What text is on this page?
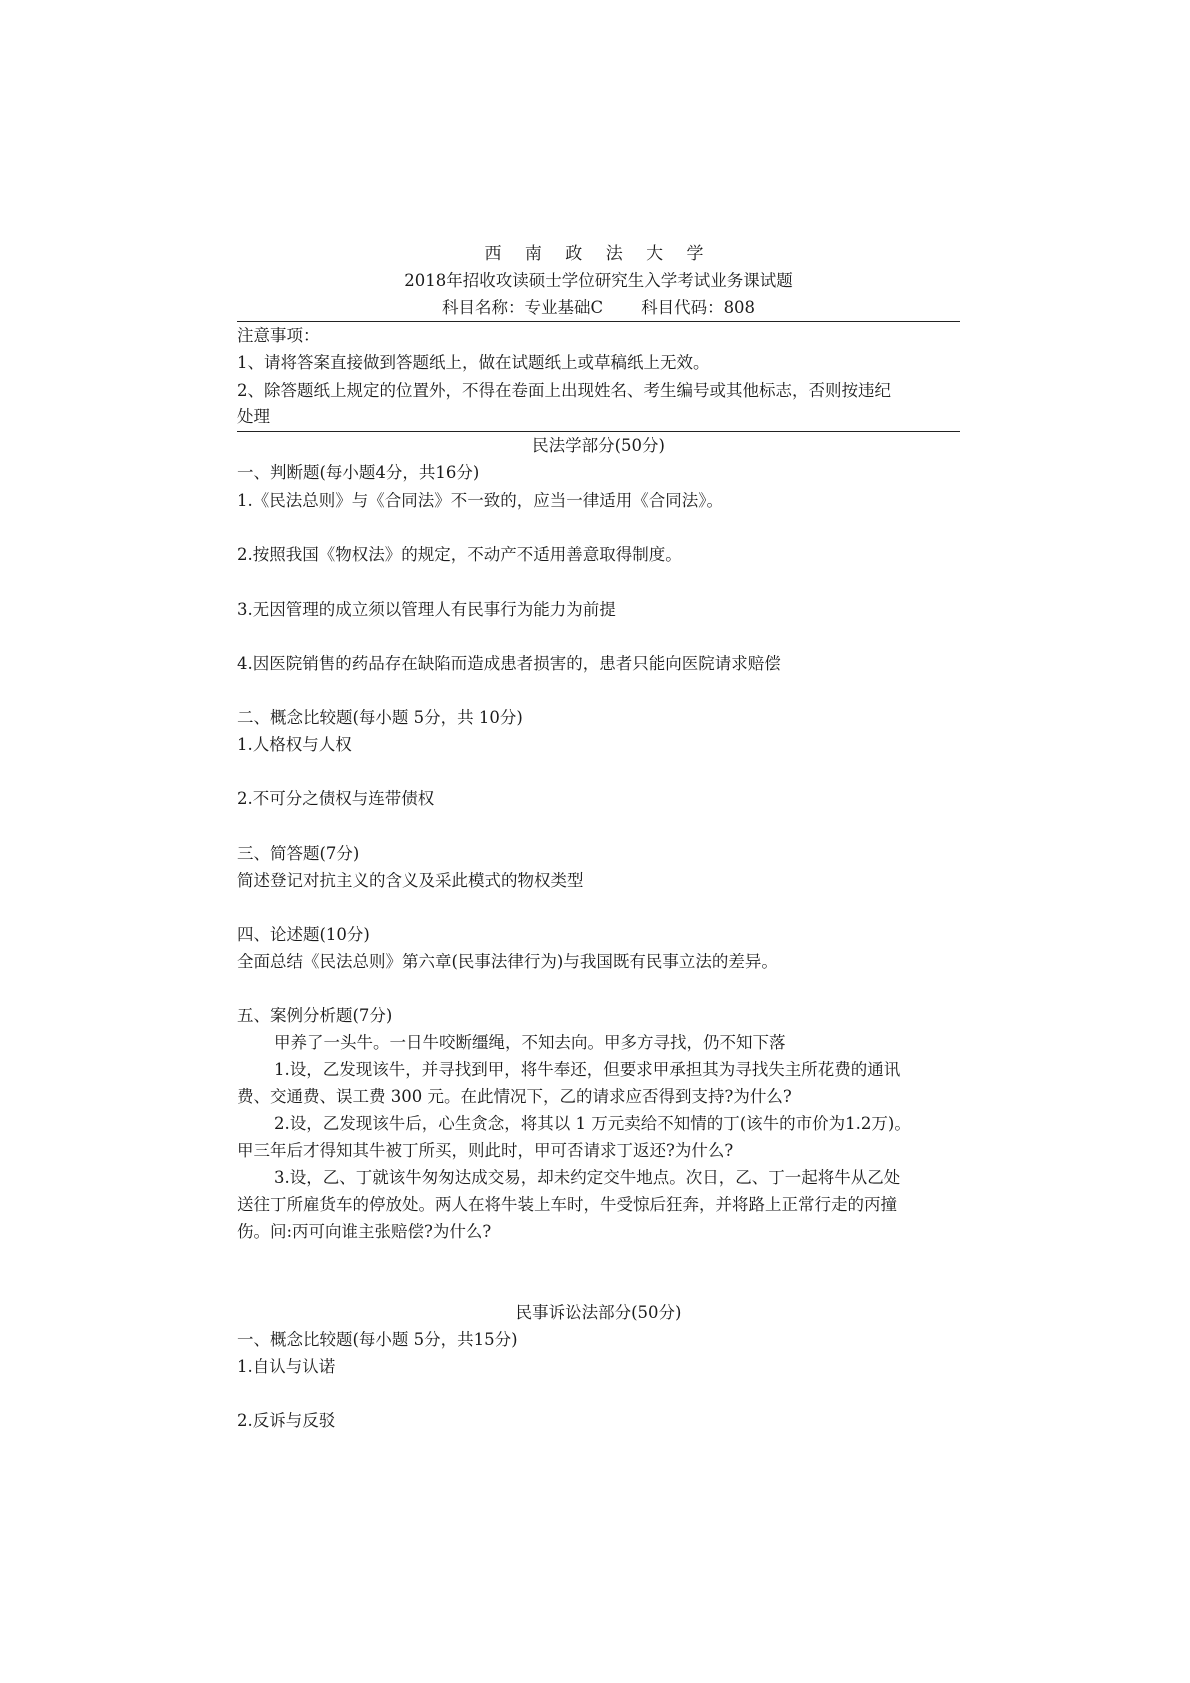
西 南 政 法 大 学
2018年招收攻读硕士学位研究生入学考试业务课试题
科目名称：专业基础C 科目代码：808
注意事项：
1、请将答案直接做到答题纸上，做在试题纸上或草稿纸上无效。
2、除答题纸上规定的位置外，不得在卷面上出现姓名、考生编号或其他标志，否则按违纪
处理
民法学部分(50分)
一、判断题(每小题4分，共16分)
1.《民法总则》与《合同法》不一致的，应当一律适用《合同法》。
2.按照我国《物权法》的规定，不动产不适用善意取得制度。
3.无因管理的成立须以管理人有民事行为能力为前提
4.因医院销售的药品存在缺陷而造成患者损害的，患者只能向医院请求赔偿
二、概念比较题(每小题 5分，共 10分)
1.人格权与人权
2.不可分之债权与连带债权
三、简答题(7分)
简述登记对抗主义的含义及采此模式的物权类型
四、论述题(10分)
全面总结《民法总则》第六章(民事法律行为)与我国既有民事立法的差异。
五、案例分析题(7分)
甲养了一头牛。一日牛咬断缰绳，不知去向。甲多方寻找，仍不知下落
1.设，乙发现该牛，并寻找到甲，将牛奉还，但要求甲承担其为寻找失主所花费的通讯
费、交通费、误工费 300 元。在此情况下，乙的请求应否得到支持?为什么?
2.设，乙发现该牛后，心生贪念，将其以 1 万元卖给不知情的丁(该牛的市价为1.2万)。
甲三年后才得知其牛被丁所买，则此时，甲可否请求丁返还?为什么?
3.设，乙、丁就该牛匆匆达成交易，却未约定交牛地点。次日，乙、丁一起将牛从乙处
送往丁所雇货车的停放处。两人在将牛装上车时，牛受惊后狂奔，并将路上正常行走的丙撞
伤。问:丙可向谁主张赔偿?为什么?
民事诉讼法部分(50分)
一、概念比较题(每小题 5分，共15分)
1.自认与认诺
2.反诉与反驳
